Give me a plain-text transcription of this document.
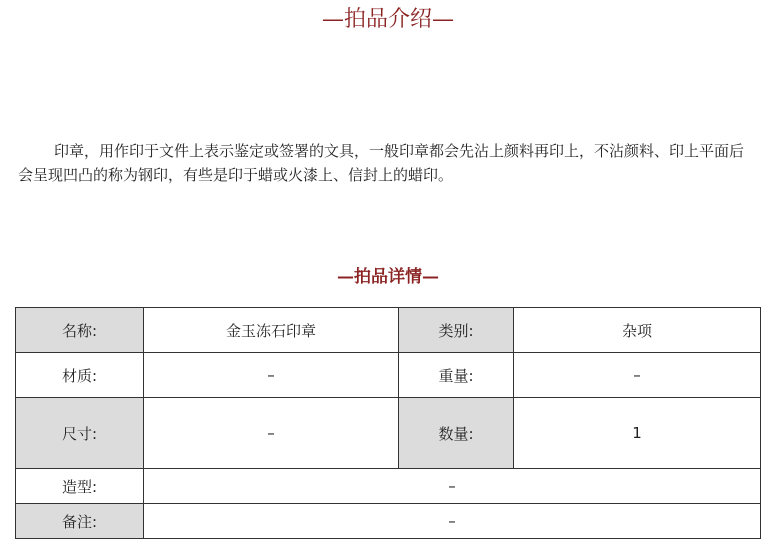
—拍品介绍—

印章，用作印于文件上表示鉴定或签署的文具，一般印章都会先沾上颜料再印上，不沾颜料、印上平面后会呈现凹凸的称为钢印，有些是印于蜡或火漆上、信封上的蜡印。

—拍品详情—
名称:	金玉冻石印章	类别:	杂项
材质:	–	重量:	–
尺寸:	–	数量:	1
造型:	–		
备注:	–		
